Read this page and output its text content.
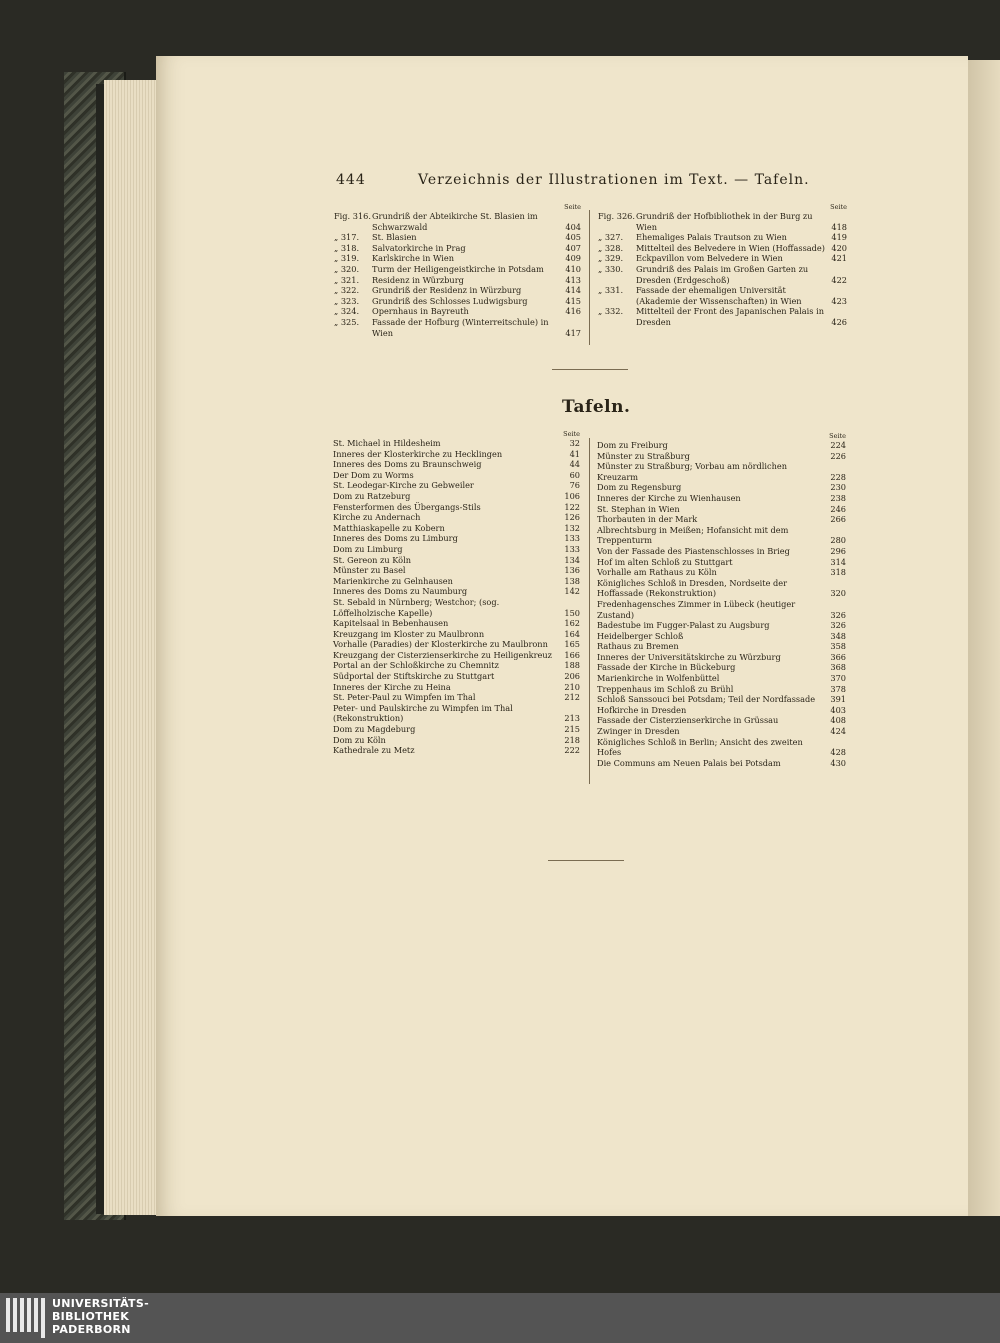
444	Verzeichnis der Illustrationen im Text. — Tafeln.
Seite
Fig. 316. Grundriß der Abteikirche St. Blasien im Schwarzwald	404
„ 317.	St. Blasien	405
„ 318.	Salvatorkirche in Prag	407
„ 319.	Karlskirche in Wien	409
„ 320.	Turm der Heiligengeistkirche in Potsdam	410
„ 321.	Residenz in Würzburg	413
„ 322.	Grundriß der Residenz in Würzburg	414
„ 323.	Grundriß des Schlosses Ludwigsburg	415
„ 324.	Opernhaus in Bayreuth	416
„ 325.	Fassade der Hofburg (Winterreitschule) in Wien	417
Seite
Fig. 326. Grundriß der Hofbibliothek in der Burg zu Wien	418
„ 327.	Ehemaliges Palais Trautson zu Wien	419
„ 328.	Mittelteil des Belvedere in Wien (Hoffassade) 420
„ 329.	Eckpavillon vom Belvedere in Wien	421
„ 330.	Grundriß des Palais im Großen Garten zu Dresden (Erdgeschoß)	422
„ 331.	Fassade der ehemaligen Universität (Akademie der Wissenschaften) in Wien	423
„ 332.	Mittelteil der Front des Japanischen Palais in Dresden	426
Tafeln.
Seite
St. Michael in Hildesheim	32
Inneres der Klosterkirche zu Hecklingen	41
Inneres des Doms zu Braunschweig	44
Der Dom zu Worms	60
St. Leodegar-Kirche zu Gebweiler	76
Dom zu Ratzeburg	106
Fensterformen des Übergangs-Stils	122
Kirche zu Andernach	126
Matthiaskapelle zu Kobern	132
Inneres des Doms zu Limburg	133
Dom zu Limburg	133
St. Gereon zu Köln	134
Münster zu Basel	136
Marienkirche zu Gelnhausen	138
Inneres des Doms zu Naumburg	142
St. Sebald in Nürnberg; Westchor; (sog. Löffelholzische Kapelle)	150
Kapitelsaal in Bebenhausen	162
Kreuzgang im Kloster zu Maulbronn	164
Vorhalle (Paradies) der Klosterkirche zu Maulbronn	165
Kreuzgang der Cisterzienserkirche zu Heiligenkreuz	166
Portal an der Schloßkirche zu Chemnitz	188
Südportal der Stiftskirche zu Stuttgart	206
Inneres der Kirche zu Heina	210
St. Peter-Paul zu Wimpfen im Thal	212
Peter- und Paulskirche zu Wimpfen im Thal (Rekonstruktion)	213
Dom zu Magdeburg	215
Dom zu Köln	218
Kathedrale zu Metz	222
Seite
Dom zu Freiburg	224
Münster zu Straßburg	226
Münster zu Straßburg; Vorbau am nördlichen Kreuzarm	228
Dom zu Regensburg	230
Inneres der Kirche zu Wienhausen	238
St. Stephan in Wien	246
Thorbauten in der Mark	266
Albrechtsburg in Meißen; Hofansicht mit dem Treppenturm	280
Von der Fassade des Piastenschlosses in Brieg	296
Hof im alten Schloß zu Stuttgart	314
Vorhalle am Rathaus zu Köln	318
Königliches Schloß in Dresden, Nordseite der Hoffassade (Rekonstruktion)	320
Fredenhagensches Zimmer in Lübeck (heutiger Zustand)	326
Badestube im Fugger-Palast zu Augsburg	326
Heidelberger Schloß	348
Rathaus zu Bremen	358
Inneres der Universitätskirche zu Würzburg	366
Fassade der Kirche in Bückeburg	368
Marienkirche in Wolfenbüttel	370
Treppenhaus im Schloß zu Brühl	378
Schloß Sanssouci bei Potsdam; Teil der Nordfassade	391
Hofkirche in Dresden	403
Fassade der Cisterzienserkirche in Grüssau	408
Zwinger in Dresden	424
Königliches Schloß in Berlin; Ansicht des zweiten Hofes	428
Die Communs am Neuen Palais bei Potsdam	430
UNIVERSITÄTS-
BIBLIOTHEK
PADERBORN
